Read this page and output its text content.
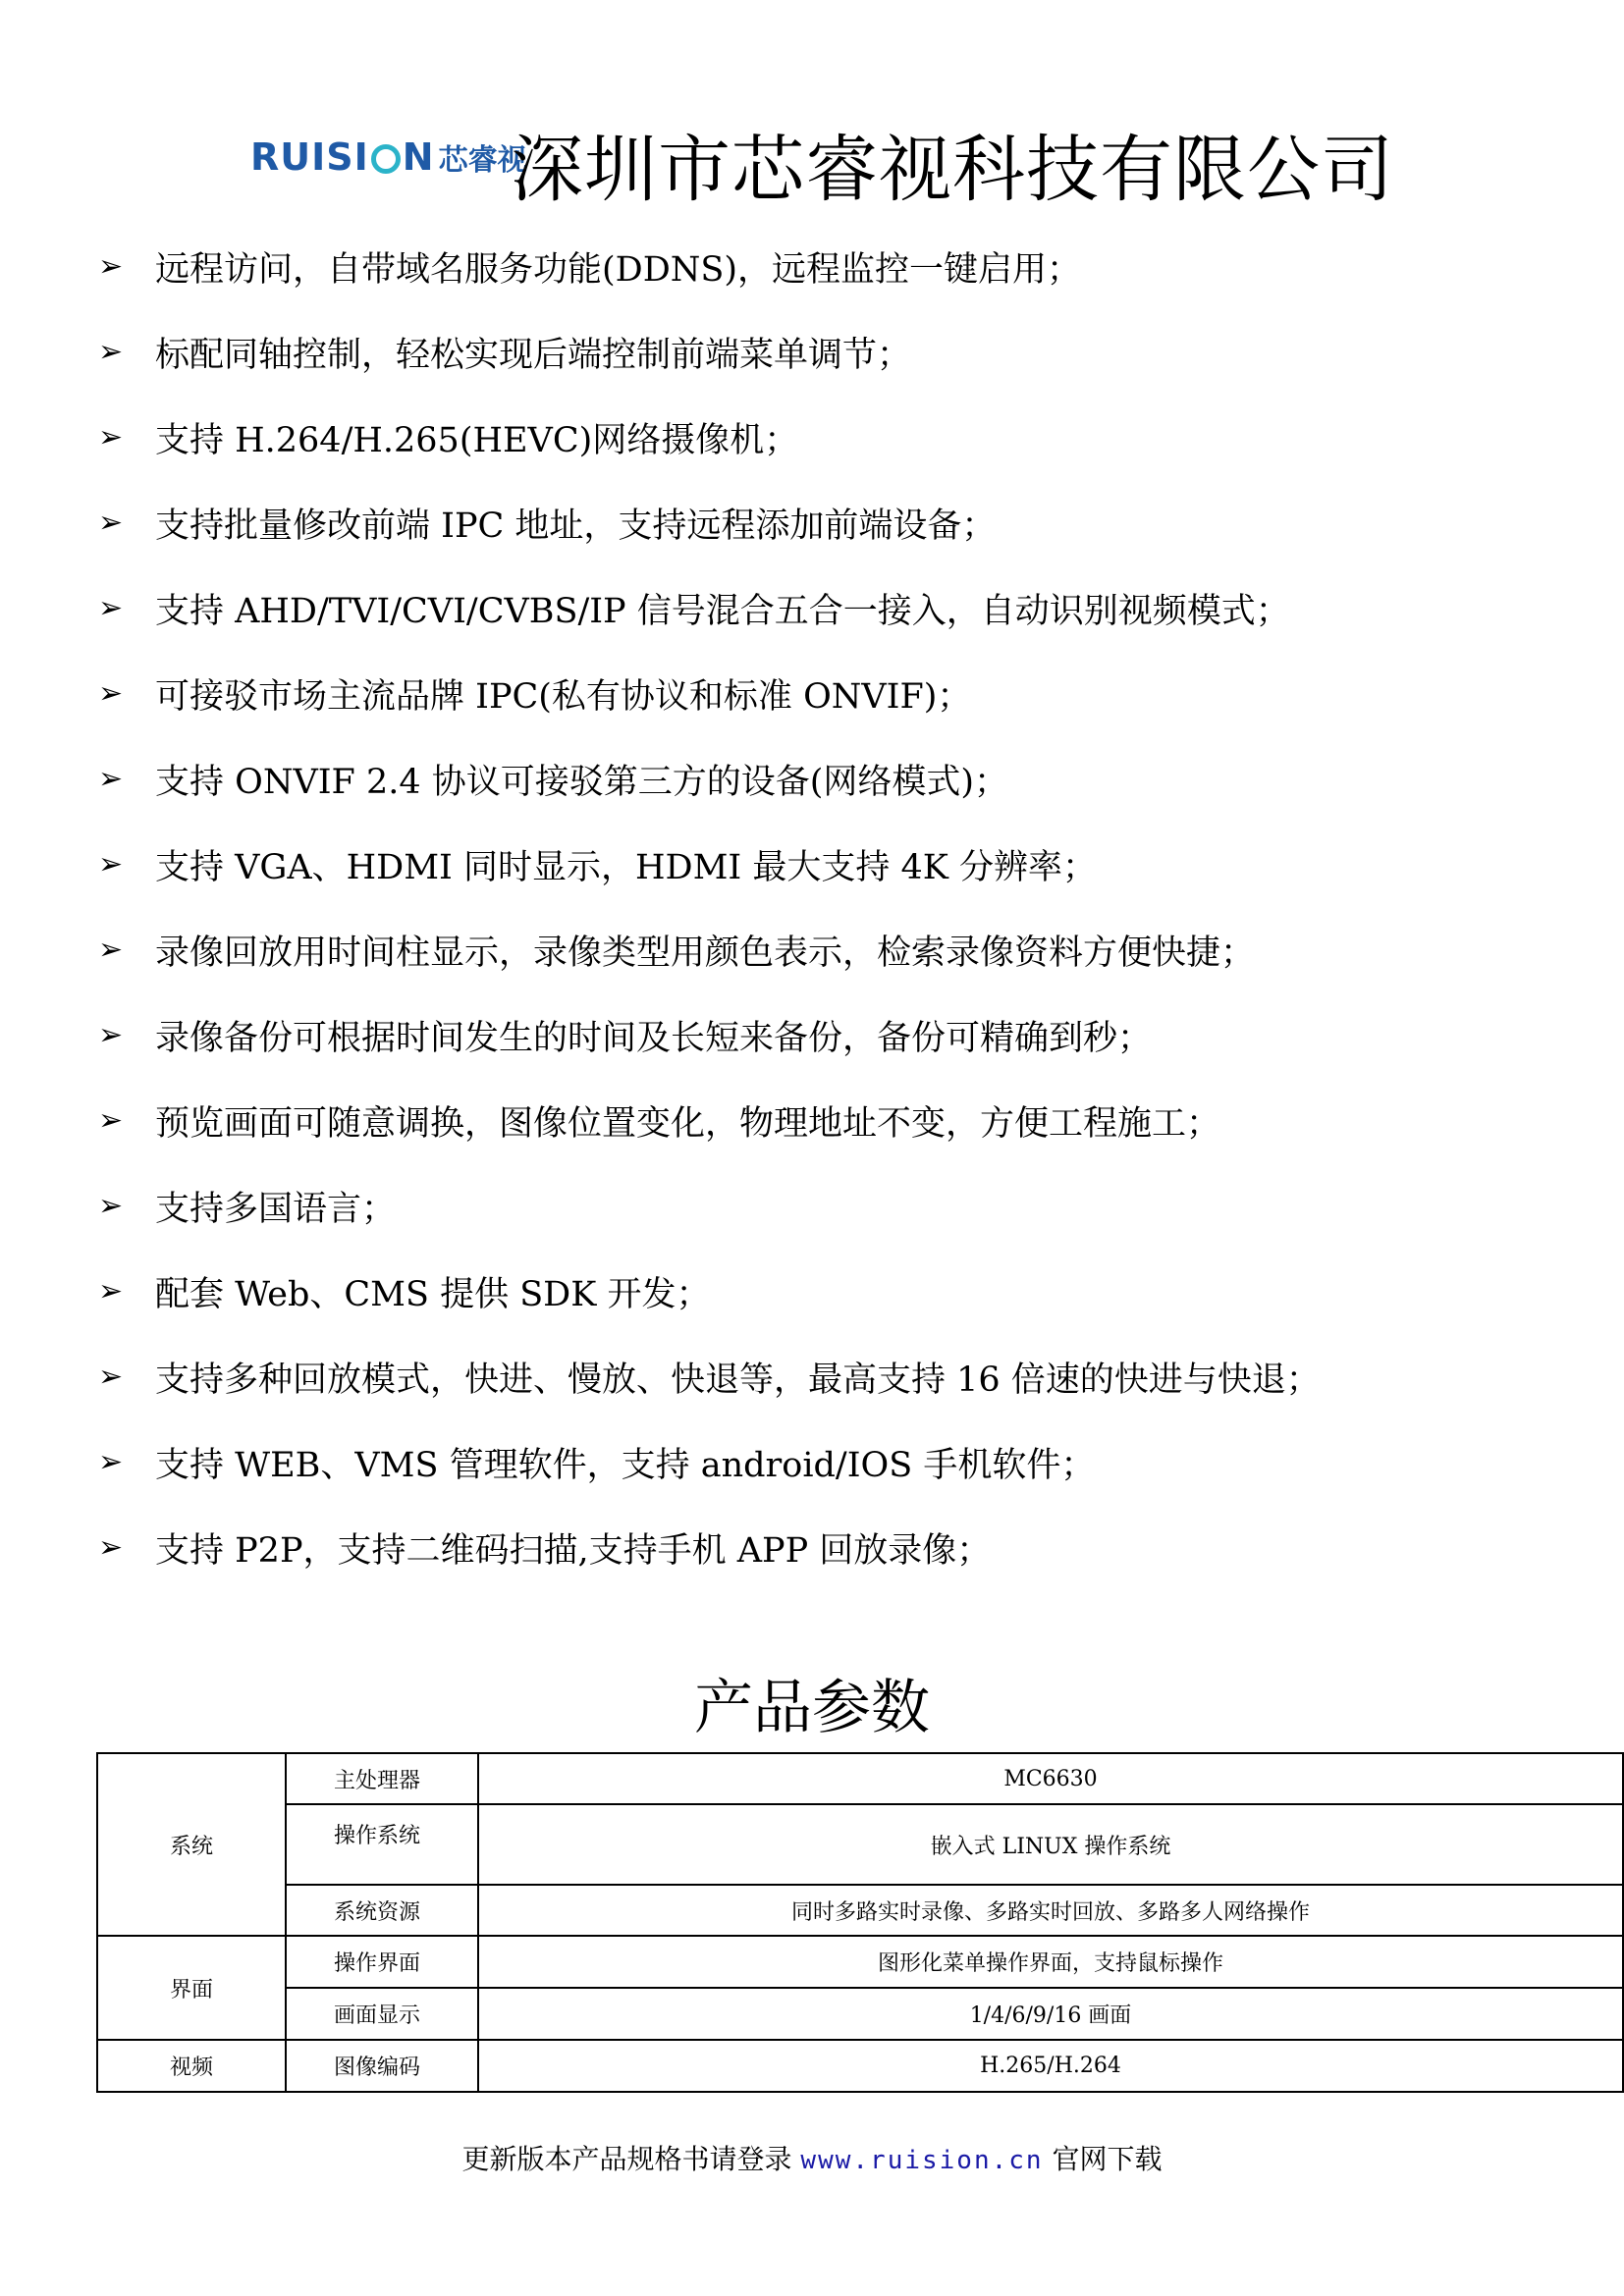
RUISI N 芯睿视
深圳市芯睿视科技有限公司
➢ 远程访问，自带域名服务功能(DDNS)，远程监控一键启用；
➢ 标配同轴控制，轻松实现后端控制前端菜单调节；
➢ 支持 H.264/H.265(HEVC)网络摄像机；
➢ 支持批量修改前端 IPC 地址，支持远程添加前端设备；
➢ 支持 AHD/TVI/CVI/CVBS/IP 信号混合五合一接入，自动识别视频模式；
➢ 可接驳市场主流品牌 IPC(私有协议和标准 ONVIF)；
➢ 支持 ONVIF 2.4 协议可接驳第三方的设备(网络模式)；
➢ 支持 VGA、HDMI 同时显示，HDMI 最大支持 4K 分辨率；
➢ 录像回放用时间柱显示，录像类型用颜色表示，检索录像资料方便快捷；
➢ 录像备份可根据时间发生的时间及长短来备份，备份可精确到秒；
➢ 预览画面可随意调换，图像位置变化，物理地址不变，方便工程施工；
➢ 支持多国语言；
➢ 配套 Web、CMS 提供 SDK 开发；
➢ 支持多种回放模式，快进、慢放、快退等，最高支持 16 倍速的快进与快退；
➢ 支持 WEB、VMS 管理软件，支持 android/IOS 手机软件；
➢ 支持 P2P，支持二维码扫描,支持手机 APP 回放录像；
产品参数
系统	主处理器	MC6630
	操作系统	嵌入式 LINUX 操作系统
	系统资源	同时多路实时录像、多路实时回放、多路多人网络操作
界面	操作界面	图形化菜单操作界面，支持鼠标操作
	画面显示	1/4/6/9/16 画面
视频	图像编码	H.265/H.264
更新版本产品规格书请登录 www.ruision.cn 官网下载
